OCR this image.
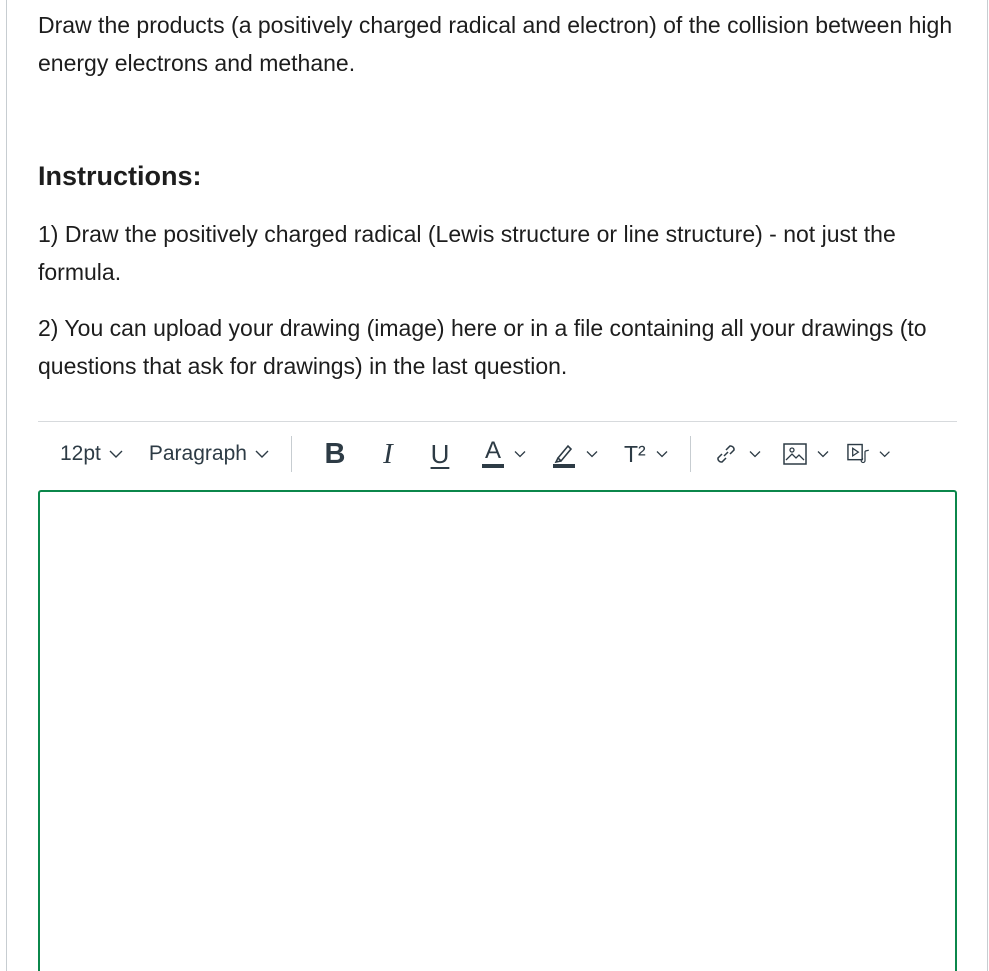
Draw the products (a positively charged radical and electron) of the collision between high energy electrons and methane.

Instructions:

1) Draw the positively charged radical (Lewis structure or line structure) - not just the formula.

2) You can upload your drawing (image) here or in a file containing all your drawings (to questions that ask for drawings) in the last question.

12pt Paragraph	B I U A	T²
